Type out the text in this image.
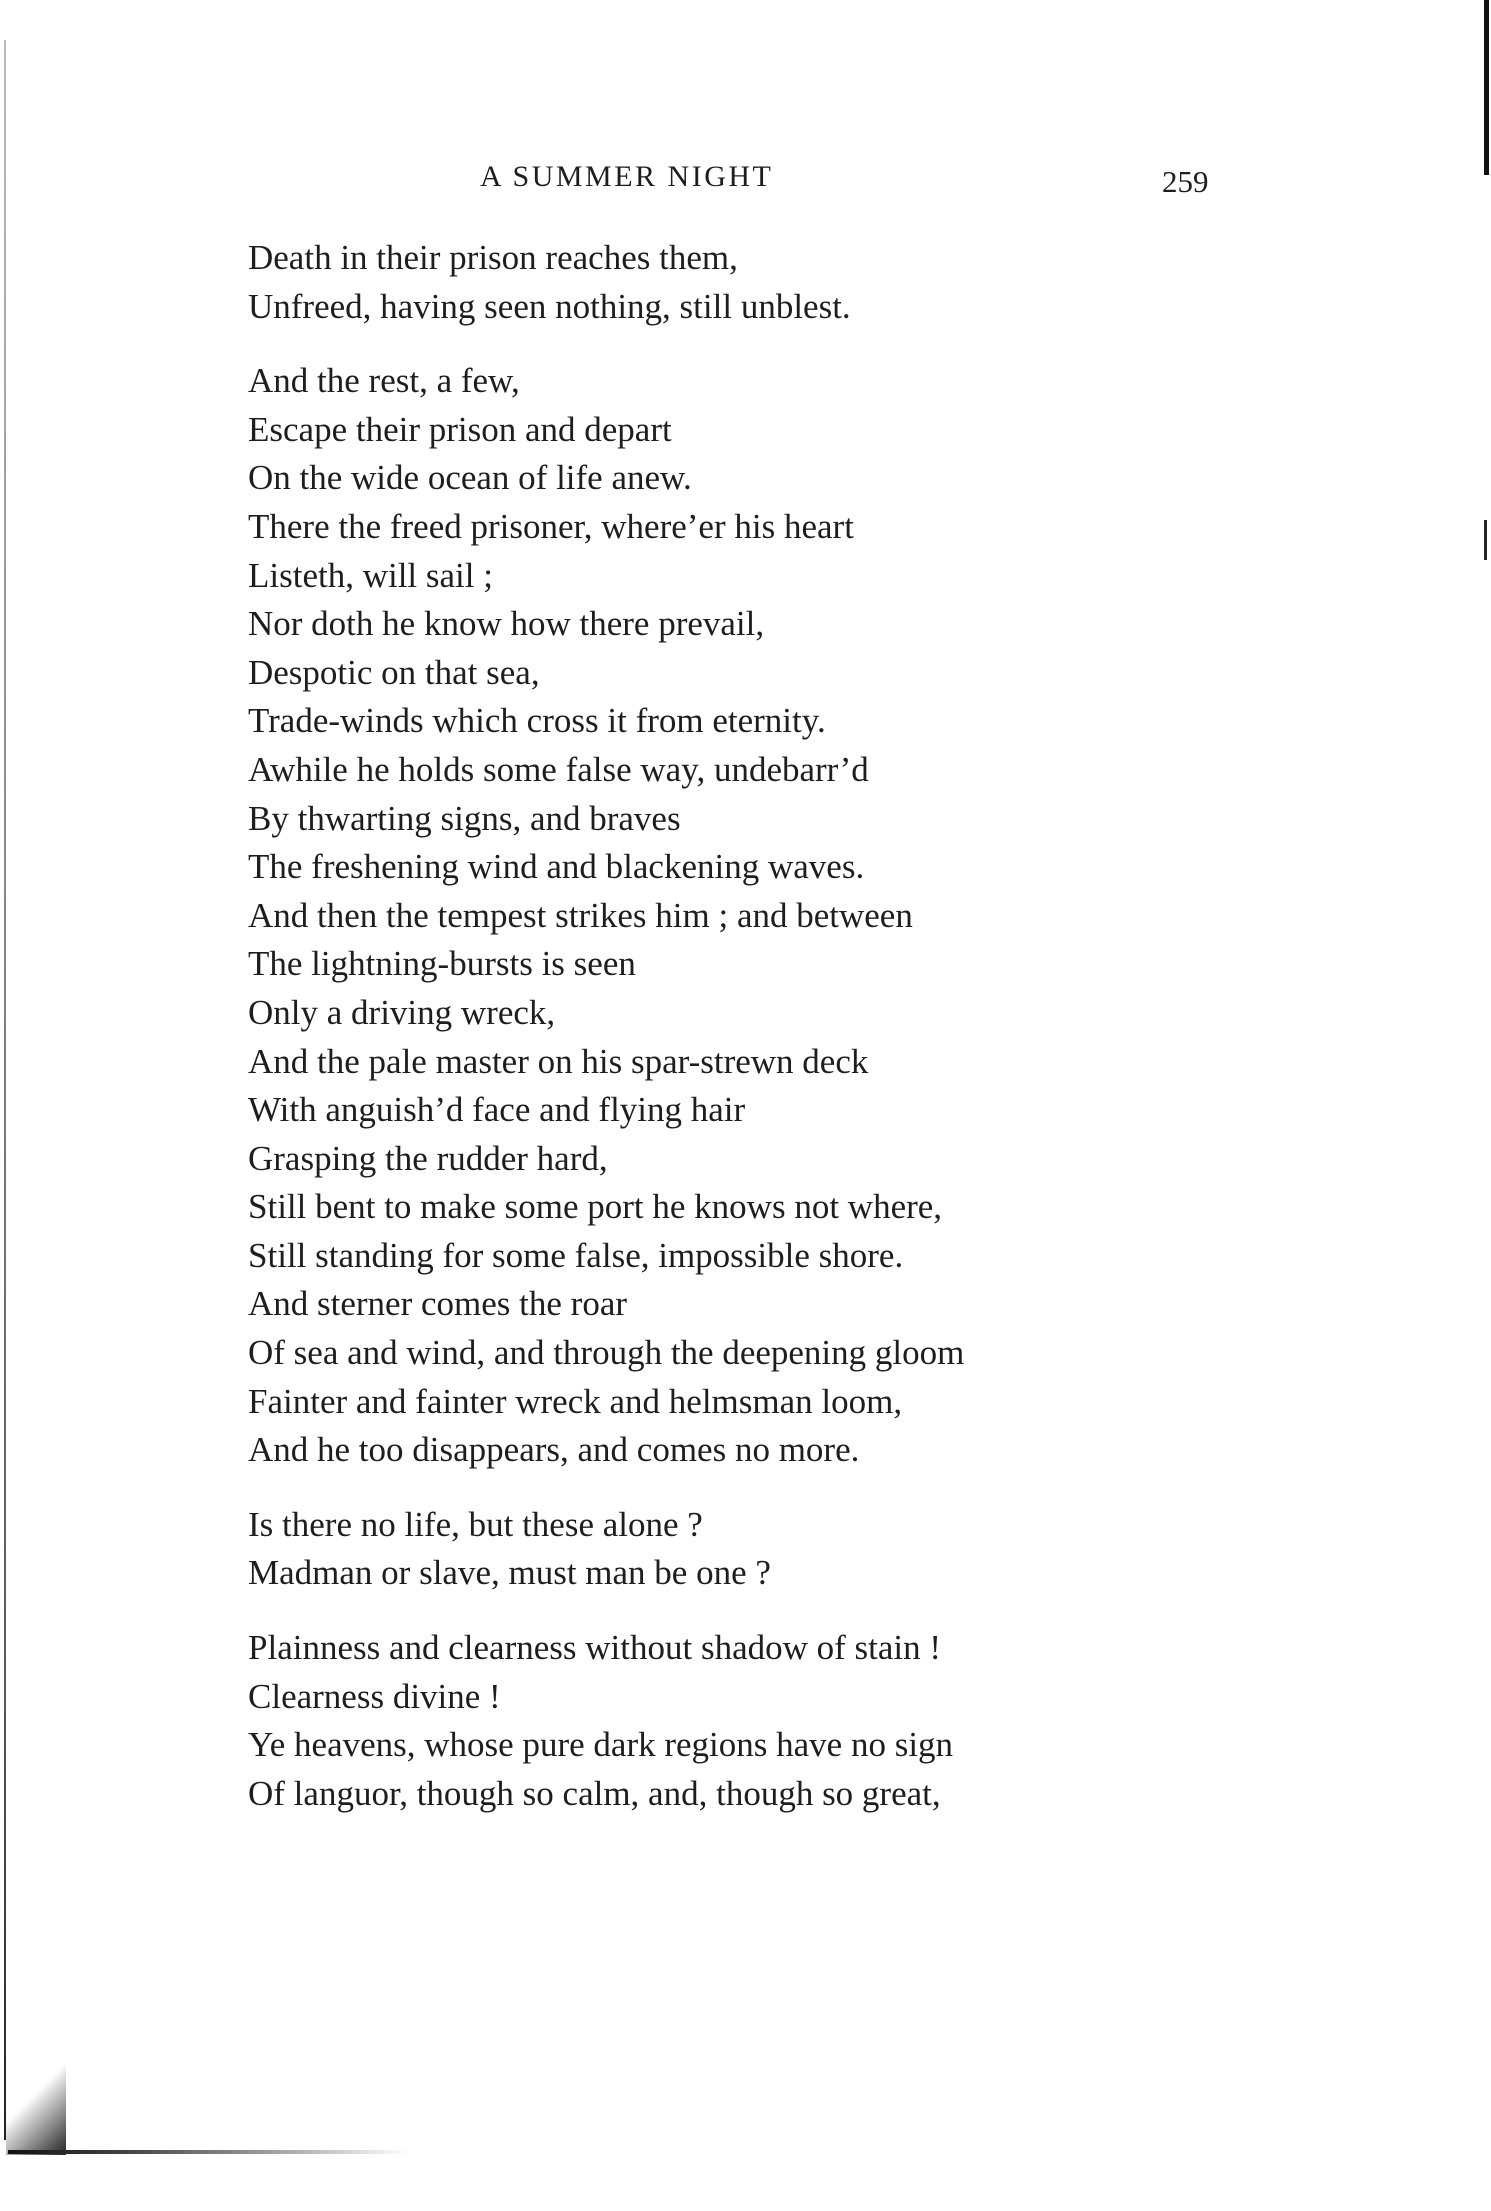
A SUMMER NIGHT	259
Death in their prison reaches them,
Unfreed, having seen nothing, still unblest.
And the rest, a few,
Escape their prison and depart
On the wide ocean of life anew.
There the freed prisoner, where’er his heart
Listeth, will sail ;
Nor doth he know how there prevail,
Despotic on that sea,
Trade-winds which cross it from eternity.
Awhile he holds some false way, undebarr’d
By thwarting signs, and braves
The freshening wind and blackening waves.
And then the tempest strikes him ; and between
The lightning-bursts is seen
Only a driving wreck,
And the pale master on his spar-strewn deck
With anguish’d face and flying hair
Grasping the rudder hard,
Still bent to make some port he knows not where,
Still standing for some false, impossible shore.
And sterner comes the roar
Of sea and wind, and through the deepening gloom
Fainter and fainter wreck and helmsman loom,
And he too disappears, and comes no more.
Is there no life, but these alone ?
Madman or slave, must man be one ?
Plainness and clearness without shadow of stain !
Clearness divine !
Ye heavens, whose pure dark regions have no sign
Of languor, though so calm, and, though so great,
